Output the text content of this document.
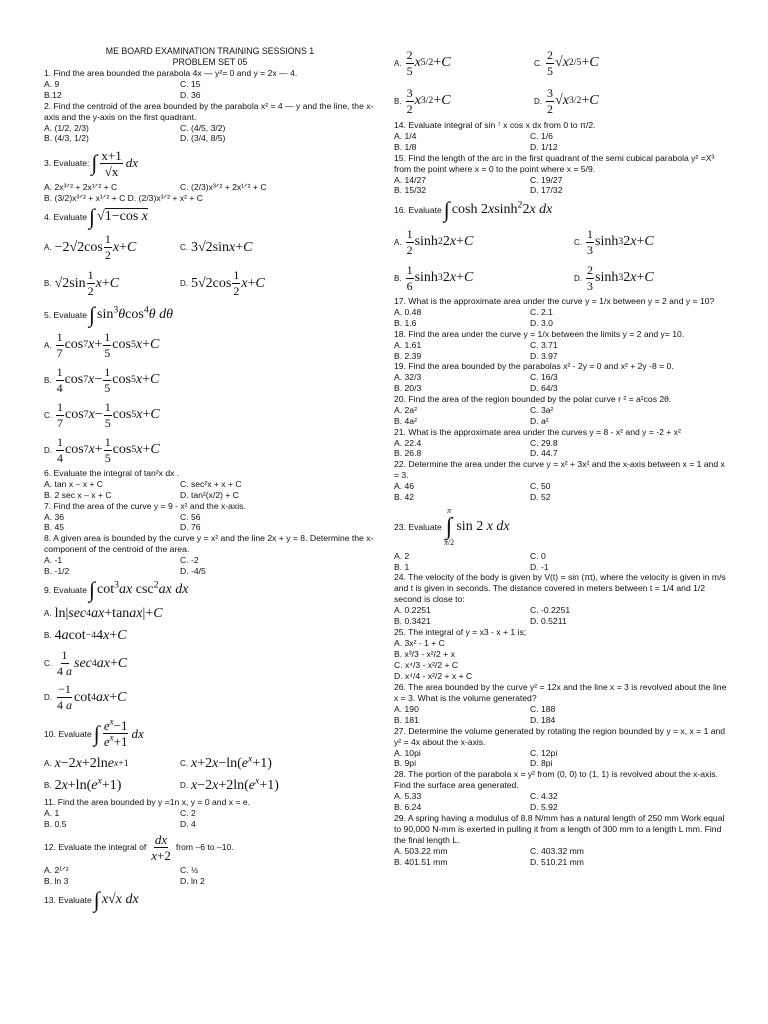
ME BOARD EXAMINATION TRAINING SESSIONS 1

PROBLEM SET 05

1. Find the area bounded the parabola 4x — y²= 0 and y = 2x — 4.

A. 9	C. 15
B.12	D. 36

2. Find the centroid of the area bounded by the parabola x² = 4 — y and the line, the x-axis and the y-axis on the first quadrant.

A. (1/2, 2/3)	C. (4/5, 3/2)
B. (4/3, 1/2)	D. (3/4, 8/5)
3. Evaluate: ∫ $\frac{x+1}{√x}$ dx
A. 2x³ᐟ² + 2x¹ᐟ² + C	C. (2/3)x³ᐟ² + 2x¹ᐟ² + C

B. (3/2)x³ᐟ² + x¹ᐟ² + C D. (2/3)x³ᐟ² + x² + C

4. Evaluate ∫ √1−cos x
A. $-2√2\cos \frac{1}{2}$ x + C	C. 3√2sin x + C
B. $√2\sin \frac{1}{2}$ x + C	D. $5√2\cos \frac{1}{2}$ x + C
5. Evaluate ∫ $\sin^3\theta\cos^4\theta$ dθ
A. $\frac{1}{7}$ cos 7 $x + \frac{1}{5}$ cos 5 x + C
B. $\frac{1}{4}$ cos 7 $x - \frac{1}{5}$ cos 5 x + C
C. $\frac{1}{7}$ cos 7 $x - \frac{1}{5}$ cos 5 x + C
D. $\frac{1}{4}$ cos 7 $x + \frac{1}{5}$ cos 5 x + C

6. Evaluate the integral of tan²x dx .

A. tan x – x + C	C. sec²x + x + C
B. 2 sec x – x + C	D. tan²(x/2) + C

7. Find the area of the curve y = 9 - x² and the x-axis.

A. 36	C. 56
B. 45	D. 76

8. A given area is bounded by the curve y = x² and the line 2x + y = 8. Determine the x-component of the centroid of the area.

A. -1	C. -2
B. -1/2	D. -4/5
9. Evaluate ∫ $\cot^3ax$ $\csc^2ax$ dx
A. ln| sec 4 ax +tan ax |+ C
B. 4 a cot −4 4 x + C
C. $\frac{1}{4 a}$ sec 4 ax + C
D. $\frac{-1}{4 a}$ cot 4 ax + C
10. Evaluate ∫ $\frac{e^x-1}{e^x+1}$ dx
A. x −2 x +2ln e x+1	C. x +2 x −ln( $e^x +1$)
B. 2 x +ln( $e^x +1$)	D. x −2 x +2ln( $e^x +1$)

11. Find the area bounded by y =1n x, y = 0 and x = e.

A. 1	C. 2
B. 0.5	D. 4
12. Evaluate the integral of $\frac{dx}{x+2}$ from –6 to –10.
A. 2¹ᐟ²	C. ½
B. ln 3	D. ln 2
13. Evaluate ∫ x√x dx
A. $\frac{2}{5}$ x 5/2 + C	C. $\frac{2}{5}$ √ x 2/5 + C
B. $\frac{3}{2}$ x 3/2 + C	D. $\frac{3}{2}$ √ x 3/2 + C

14. Evaluate integral of sin ⁷ x cos x dx from 0 to π/2.

A. 1/4	C. 1/6
B. 1/8	D. 1/12

15. Find the length of the arc in the first quadrant of the semi cubical parabola y² =X³ from the point where x = 0 to the point where x = 5/9.

A. 14/27	C. 19/27
B. 15/32	D. 17/32
16. Evaluate ∫ cosh 2xsinh$^2$2x dx
A. $\frac{1}{2}$ sinh 2 2 x + C	C. $\frac{1}{3}$ sinh 3 2 x + C
B. $\frac{1}{6}$ sinh 3 2 x + C	D. $\frac{2}{3}$ sinh 3 2 x + C

17. What is the approximate area under the curve y = 1/x between y = 2 and y = 10?

A. 0.48	C. 2.1
B. 1.6	D. 3.0

18. Find the area under the curve y = 1/x between the limits y = 2 and y= 10.

A. 1.61	C. 3.71
B. 2.39	D. 3.97

19. Find the area bounded by the parabolas x² - 2y = 0 and x² + 2y -8 = 0.

A. 32/3	C. 16/3
B. 20/3	D. 64/3

20. Find the area of the region bounded by the polar curve r ² = a²cos 2θ.

A. 2a²	C. 3a²
B. 4a²	D. a²

21. What is the approximate area under the curves y = 8 - x² and y = -2 + x²

A. 22.4	C. 29.8
B. 26.8	D. 44.7

22. Determine the area under the curve y = x² + 3x² and the x-axis between x = 1 and x = 3.

A. 46	C. 50
B. 42	D. 52
23. Evaluate
π
∫
π/2
sin 2 x dx
A. 2	C. 0
B. 1	D. -1

24. The velocity of the body is given by V(t) = sin (πt), where the velocity is given in m/s and t is given in seconds. The distance covered in meters between t = 1/4 and 1/2 second is close to:

A. 0.2251	C. -0.2251
B. 0.3421	D. 0.5211

25. The integral of y = x3 - x + 1 is;

A. 3x² - 1 + C

B. x³/3 - x²/2 + x

C. x⁴/3 - x²/2 + C

D. x⁴/4 - x²/2 + x + C

26. The area bounded by the curve y² = 12x and the line x = 3 is revolved about the line x = 3. What is the volume generated?

A. 190	C. 188
B. 181	D. 184

27. Determine the volume generated by rotating the region bounded by y = x, x = 1 and y² = 4x about the x-axis.

A. 10pi	C. 12pi
B. 9pi	D. 8pi

28. The portion of the parabola x = y² from (0, 0) to (1, 1) is revolved about the x-axis. Find the surface area generated.

A. 5.33	C. 4.32
B. 6.24	D. 5.92

29. A spring having a modulus of 8.8 N/mm has a natural length of 250 mm Work equal to 90,000 N-mm is exerted in pulling it from a length of 300 mm to a length L mm. Find the final length L.

A. 503.22 mm	C. 403.32 mm
B. 401.51 mm	D. 510.21 mm
